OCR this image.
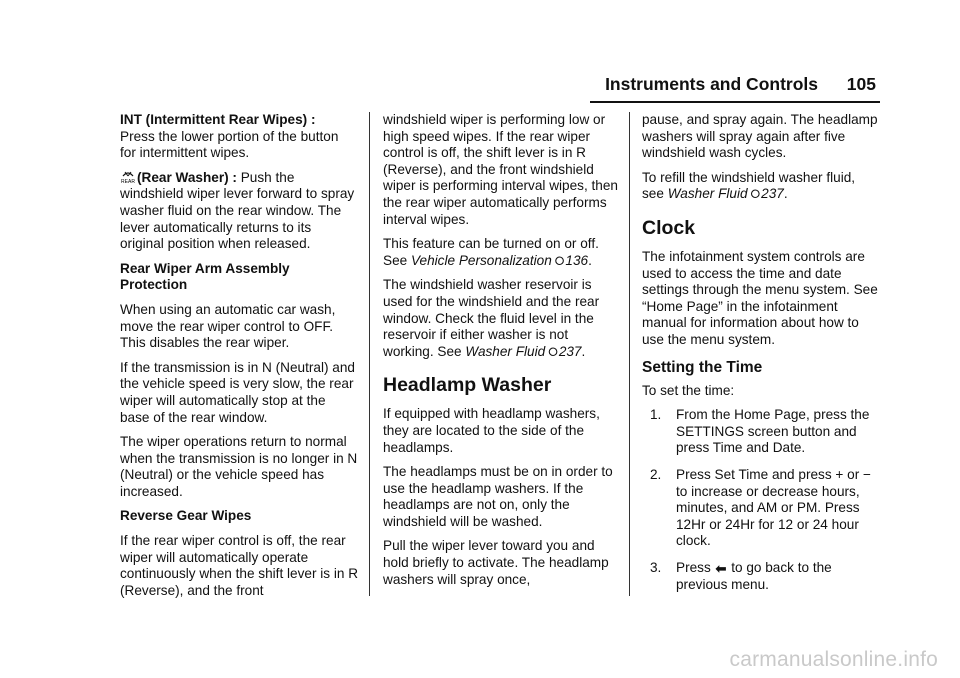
Instruments and Controls 105

INT (Intermittent Rear Wipes) :
Press the lower portion of the button for intermittent wipes.

REAR (Rear Washer) : Push the windshield wiper lever forward to spray washer fluid on the rear window. The lever automatically returns to its original position when released.

Rear Wiper Arm Assembly Protection

When using an automatic car wash, move the rear wiper control to OFF. This disables the rear wiper.

If the transmission is in N (Neutral) and the vehicle speed is very slow, the rear wiper will automatically stop at the base of the rear window.

The wiper operations return to normal when the transmission is no longer in N (Neutral) or the vehicle speed has increased.

Reverse Gear Wipes

If the rear wiper control is off, the rear wiper will automatically operate continuously when the shift lever is in R (Reverse), and the front

windshield wiper is performing low or high speed wipes. If the rear wiper control is off, the shift lever is in R (Reverse), and the front windshield wiper is performing interval wipes, then the rear wiper automatically performs interval wipes.

This feature can be turned on or off. See Vehicle Personalization ⭘136.

The windshield washer reservoir is used for the windshield and the rear window. Check the fluid level in the reservoir if either washer is not working. See Washer Fluid ⭘237.

Headlamp Washer

If equipped with headlamp washers, they are located to the side of the headlamps.

The headlamps must be on in order to use the headlamp washers. If the headlamps are not on, only the windshield will be washed.

Pull the wiper lever toward you and hold briefly to activate. The headlamp washers will spray once,

pause, and spray again. The headlamp washers will spray again after five windshield wash cycles.

To refill the windshield washer fluid, see Washer Fluid ⭘237.

Clock

The infotainment system controls are used to access the time and date settings through the menu system. See “Home Page” in the infotainment manual for information about how to use the menu system.

Setting the Time

To set the time:

1. From the Home Page, press the SETTINGS screen button and press Time and Date.
2. Press Set Time and press + or − to increase or decrease hours, minutes, and AM or PM. Press 12Hr or 24Hr for 12 or 24 hour clock.
3. Press ⬅ to go back to the previous menu.
carmanualsonline.info
